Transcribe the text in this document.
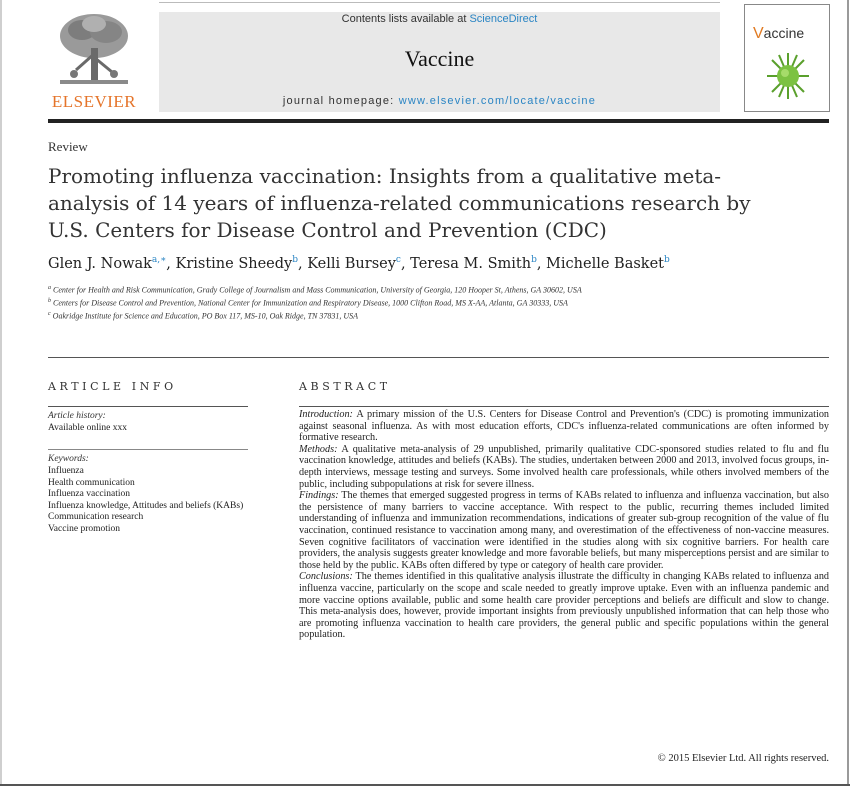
ELSEVIER
Contents lists available at ScienceDirect
Vaccine
journal homepage: www.elsevier.com/locate/vaccine
Vaccine
Review
Promoting influenza vaccination: Insights from a qualitative meta-analysis of 14 years of influenza-related communications research by U.S. Centers for Disease Control and Prevention (CDC)
Glen J. Nowak$^{a,∗}$, Kristine Sheedy$^b$, Kelli Bursey$^c$, Teresa M. Smith$^b$, Michelle Basket$^b$
$^a$ Center for Health and Risk Communication, Grady College of Journalism and Mass Communication, University of Georgia, 120 Hooper St, Athens, GA 30602, USA
$^b$ Centers for Disease Control and Prevention, National Center for Immunization and Respiratory Disease, 1000 Clifton Road, MS X-AA, Atlanta, GA 30333, USA
$^c$ Oakridge Institute for Science and Education, PO Box 117, MS-10, Oak Ridge, TN 37831, USA
ARTICLE INFO
Article history:
Available online xxx
Keywords:
Influenza
Health communication
Influenza vaccination
Influenza knowledge, Attitudes and beliefs (KABs)
Communication research
Vaccine promotion
ABSTRACT

Introduction: A primary mission of the U.S. Centers for Disease Control and Prevention's (CDC) is promoting immunization against seasonal influenza. As with most education efforts, CDC's influenza-related communications are often informed by formative research.

Methods: A qualitative meta-analysis of 29 unpublished, primarily qualitative CDC-sponsored studies related to flu and flu vaccination knowledge, attitudes and beliefs (KABs). The studies, undertaken between 2000 and 2013, involved focus groups, in-depth interviews, message testing and surveys. Some involved health care professionals, while others involved members of the public, including subpopulations at risk for severe illness.

Findings: The themes that emerged suggested progress in terms of KABs related to influenza and influenza vaccination, but also the persistence of many barriers to vaccine acceptance. With respect to the public, recurring themes included limited understanding of influenza and immunization recommendations, indications of greater sub-group recognition of the value of flu vaccination, continued resistance to vaccination among many, and overestimation of the effectiveness of non-vaccine measures. Seven cognitive facilitators of vaccination were identified in the studies along with six cognitive barriers. For health care providers, the analysis suggests greater knowledge and more favorable beliefs, but many misperceptions persist and are similar to those held by the public. KABs often differed by type or category of health care provider.

Conclusions: The themes identified in this qualitative analysis illustrate the difficulty in changing KABs related to influenza and influenza vaccine, particularly on the scope and scale needed to greatly improve uptake. Even with an influenza pandemic and more vaccine options available, public and some health care provider perceptions and beliefs are difficult and slow to change. This meta-analysis does, however, provide important insights from previously unpublished information that can help those who are promoting influenza vaccination to health care providers, the general public and specific populations within the general population.

© 2015 Elsevier Ltd. All rights reserved.
